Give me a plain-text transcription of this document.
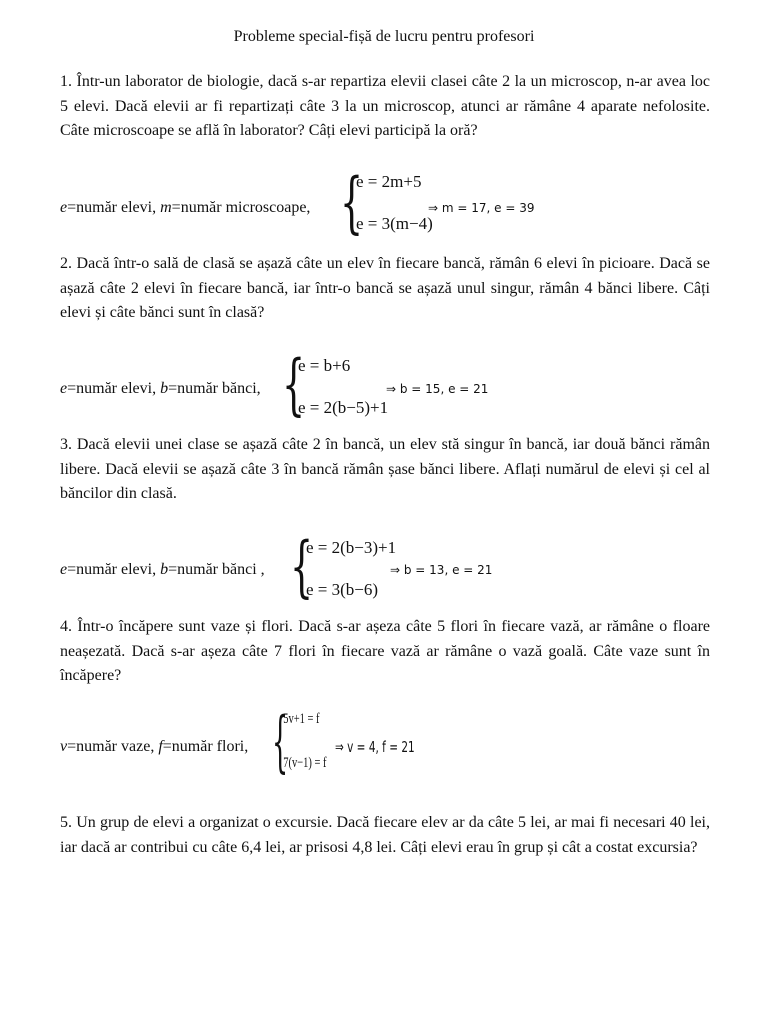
Probleme special-fișă de lucru pentru profesori
1. Într-un laborator de biologie, dacă s-ar repartiza elevii clasei câte 2 la un microscop, n-ar avea loc 5 elevi. Dacă elevii ar fi repartizați câte 3 la un microscop, atunci ar rămâne 4 aparate nefolosite. Câte microscoape se află în laborator? Câți elevi participă la oră?
e=număr elevi, m=număr microscoape, {
e = 2m+5
e = 3(m−4)
⇒ m = 17, e = 39
2. Dacă într-o sală de clasă se așază câte un elev în fiecare bancă, rămân 6 elevi în picioare. Dacă se așază câte 2 elevi în fiecare bancă, iar într-o bancă se așază unul singur, rămân 4 bănci libere. Câți elevi și câte bănci sunt în clasă?
e=număr elevi, b=număr bănci, {
e = b+6
e = 2(b−5)+1
⇒ b = 15, e = 21
3. Dacă elevii unei clase se așază câte 2 în bancă, un elev stă singur în bancă, iar două bănci rămân libere. Dacă elevii se așază câte 3 în bancă rămân șase bănci libere. Aflați numărul de elevi și cel al băncilor din clasă.
e=număr elevi, b=număr bănci , {
e = 2(b−3)+1
e = 3(b−6)
⇒ b = 13, e = 21
4. Într-o încăpere sunt vaze și flori. Dacă s-ar așeza câte 5 flori în fiecare vază, ar rămâne o floare neașezată. Dacă s-ar așeza câte 7 flori în fiecare vază ar rămâne o vază goală. Câte vaze sunt în încăpere?
v=număr vaze, f=număr flori, {
5v+1 = f
7(v−1) = f
⇒ v = 4, f = 21
5. Un grup de elevi a organizat o excursie. Dacă fiecare elev ar da câte 5 lei, ar mai fi necesari 40 lei, iar dacă ar contribui cu câte 6,4 lei, ar prisosi 4,8 lei. Câți elevi erau în grup și cât a costat excursia?
